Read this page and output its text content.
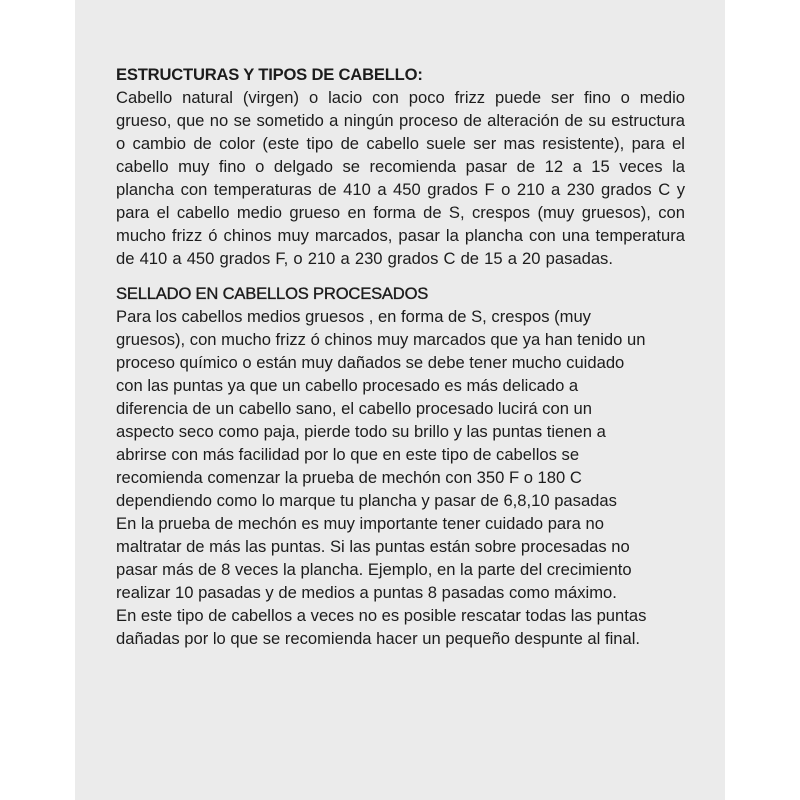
ESTRUCTURAS Y TIPOS DE CABELLO:

Cabello natural (virgen) o lacio con poco frizz puede ser fino o medio grueso, que no se sometido a ningún proceso de alteración de su estructura o cambio de color (este tipo de cabello suele ser mas resistente), para el cabello muy fino o delgado se recomienda pasar de 12 a 15 veces la plancha con temperaturas de 410 a 450 grados F o 210 a 230 grados C y para el cabello medio grueso en forma de S, crespos (muy gruesos), con mucho frizz ó chinos muy marcados, pasar la plancha con una temperatura de 410 a 450 grados F, o 210 a 230 grados C de 15 a 20 pasadas.

SELLADO EN CABELLOS PROCESADOS

Para los cabellos medios gruesos , en forma de S, crespos (muy
gruesos), con mucho frizz ó chinos muy marcados que ya han tenido un
proceso químico o están muy dañados se debe tener mucho cuidado
con las puntas ya que un cabello procesado es más delicado a
diferencia de un cabello sano, el cabello procesado lucirá con un
aspecto seco como paja, pierde todo su brillo y las puntas tienen a
abrirse con más facilidad por lo que en este tipo de cabellos se
recomienda comenzar la prueba de mechón con 350 F o 180 C
dependiendo como lo marque tu plancha y pasar de 6,8,10 pasadas
En la prueba de mechón es muy importante tener cuidado para no
maltratar de más las puntas. Si las puntas están sobre procesadas no
pasar más de 8 veces la plancha. Ejemplo, en la parte del crecimiento
realizar 10 pasadas y de medios a puntas 8 pasadas como máximo.
En este tipo de cabellos a veces no es posible rescatar todas las puntas
dañadas por lo que se recomienda hacer un pequeño despunte al final.
